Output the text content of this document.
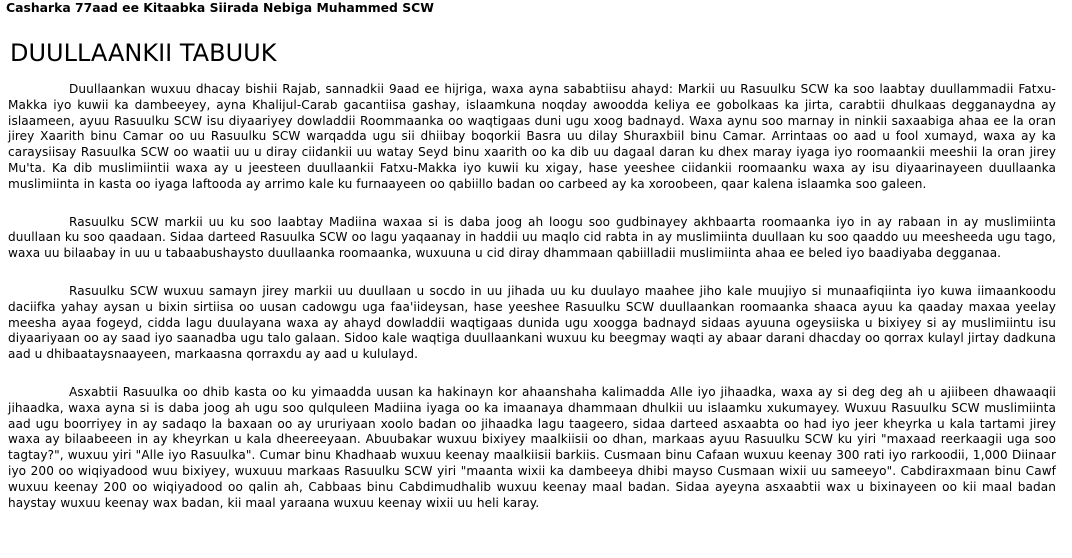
Casharka 77aad ee Kitaabka Siirada Nebiga Muhammed SCW
DUULLAANKII TABUUK

Duullaankan wuxuu dhacay bishii Rajab, sannadkii 9aad ee hijriga, waxa ayna sababtiisu ahayd: Markii uu Rasuulku SCW ka soo laabtay duullammadii Fatxu-Makka iyo kuwii ka dambeeyey, ayna Khalijul-Carab gacantiisa gashay, islaamkuna noqday awoodda keliya ee gobolkaas ka jirta, carabtii dhulkaas degganaydna ay islaameen, ayuu Rasuulku SCW isu diyaariyey dowladdii Roommaanka oo waqtigaas duni ugu xoog badnayd. Waxa aynu soo marnay in ninkii saxaabiga ahaa ee la oran jirey Xaarith binu Camar oo uu Rasuulku SCW warqadda ugu sii dhiibay boqorkii Basra uu dilay Shuraxbiil binu Camar. Arrintaas oo aad u fool xumayd, waxa ay ka caraysiisay Rasuulka SCW oo waatii uu u diray ciidankii uu watay Seyd binu xaarith oo ka dib uu dagaal daran ku dhex maray iyaga iyo roomaankii meeshii la oran jirey Mu'ta. Ka dib muslimiintii waxa ay u jeesteen duullaankii Fatxu-Makka iyo kuwii ku xigay, hase yeeshee ciidankii roomaanku waxa ay isu diyaarinayeen duullaanka muslimiinta in kasta oo iyaga laftooda ay arrimo kale ku furnaayeen oo qabiillo badan oo carbeed ay ka xoroobeen, qaar kalena islaamka soo galeen.

Rasuulku SCW markii uu ku soo laabtay Madiina waxaa si is daba joog ah loogu soo gudbinayey akhbaarta roomaanka iyo in ay rabaan in ay muslimiinta duullaan ku soo qaadaan. Sidaa darteed Rasuulka SCW oo lagu yaqaanay in haddii uu maqlo cid rabta in ay muslimiinta duullaan ku soo qaaddo uu meesheeda ugu tago, waxa uu bilaabay in uu u tabaabushaysto duullaanka roomaanka, wuxuuna u cid diray dhammaan qabiilladii muslimiinta ahaa ee beled iyo baadiyaba degganaa.

Rasuulku SCW wuxuu samayn jirey markii uu duullaan u socdo in uu jihada uu ku duulayo maahee jiho kale muujiyo si munaafiqiinta iyo kuwa iimaankoodu daciifka yahay aysan u bixin sirtiisa oo uusan cadowgu uga faa'iideysan, hase yeeshee Rasuulku SCW duullaankan roomaanka shaaca ayuu ka qaaday maxaa yeelay meesha ayaa fogeyd, cidda lagu duulayana waxa ay ahayd dowladdii waqtigaas dunida ugu xoogga badnayd sidaas ayuuna ogeysiiska u bixiyey si ay muslimiintu isu diyaariyaan oo ay saad iyo saanadba ugu talo galaan. Sidoo kale waqtiga duullaankani wuxuu ku beegmay waqti ay abaar darani dhacday oo qorrax kulayl jirtay dadkuna aad u dhibaataysnaayeen, markaasna qorraxdu ay aad u kululayd.

Asxabtii Rasuulka oo dhib kasta oo ku yimaadda uusan ka hakinayn kor ahaanshaha kalimadda Alle iyo jihaadka, waxa ay si deg deg ah u ajiibeen dhawaaqii jihaadka, waxa ayna si is daba joog ah ugu soo qulquleen Madiina iyaga oo ka imaanaya dhammaan dhulkii uu islaamku xukumayey. Wuxuu Rasuulku SCW muslimiinta aad ugu boorriyey in ay sadaqo la baxaan oo ay ururiyaan xoolo badan oo jihaadka lagu taageero, sidaa darteed asxaabta oo had iyo jeer kheyrka u kala tartami jirey waxa ay bilaabeeen in ay kheyrkan u kala dheereeyaan. Abuubakar wuxuu bixiyey maalkiisii oo dhan, markaas ayuu Rasuulku SCW ku yiri "maxaad reerkaagii uga soo tagtay?", wuxuu yiri "Alle iyo Rasuulka". Cumar binu Khadhaab wuxuu keenay maalkiisii barkiis. Cusmaan binu Cafaan wuxuu keenay 300 rati iyo rarkoodii, 1,000 Diinaar iyo 200 oo wiqiyadood wuu bixiyey, wuxuuu markaas Rasuulku SCW yiri "maanta wixii ka dambeeya dhibi mayso Cusmaan wixii uu sameeyo". Cabdiraxmaan binu Cawf wuxuu keenay 200 oo wiqiyadood oo qalin ah, Cabbaas binu Cabdimudhalib wuxuu keenay maal badan. Sidaa ayeyna asxaabtii wax u bixinayeen oo kii maal badan haystay wuxuu keenay wax badan, kii maal yaraana wuxuu keenay wixii uu heli karay.
